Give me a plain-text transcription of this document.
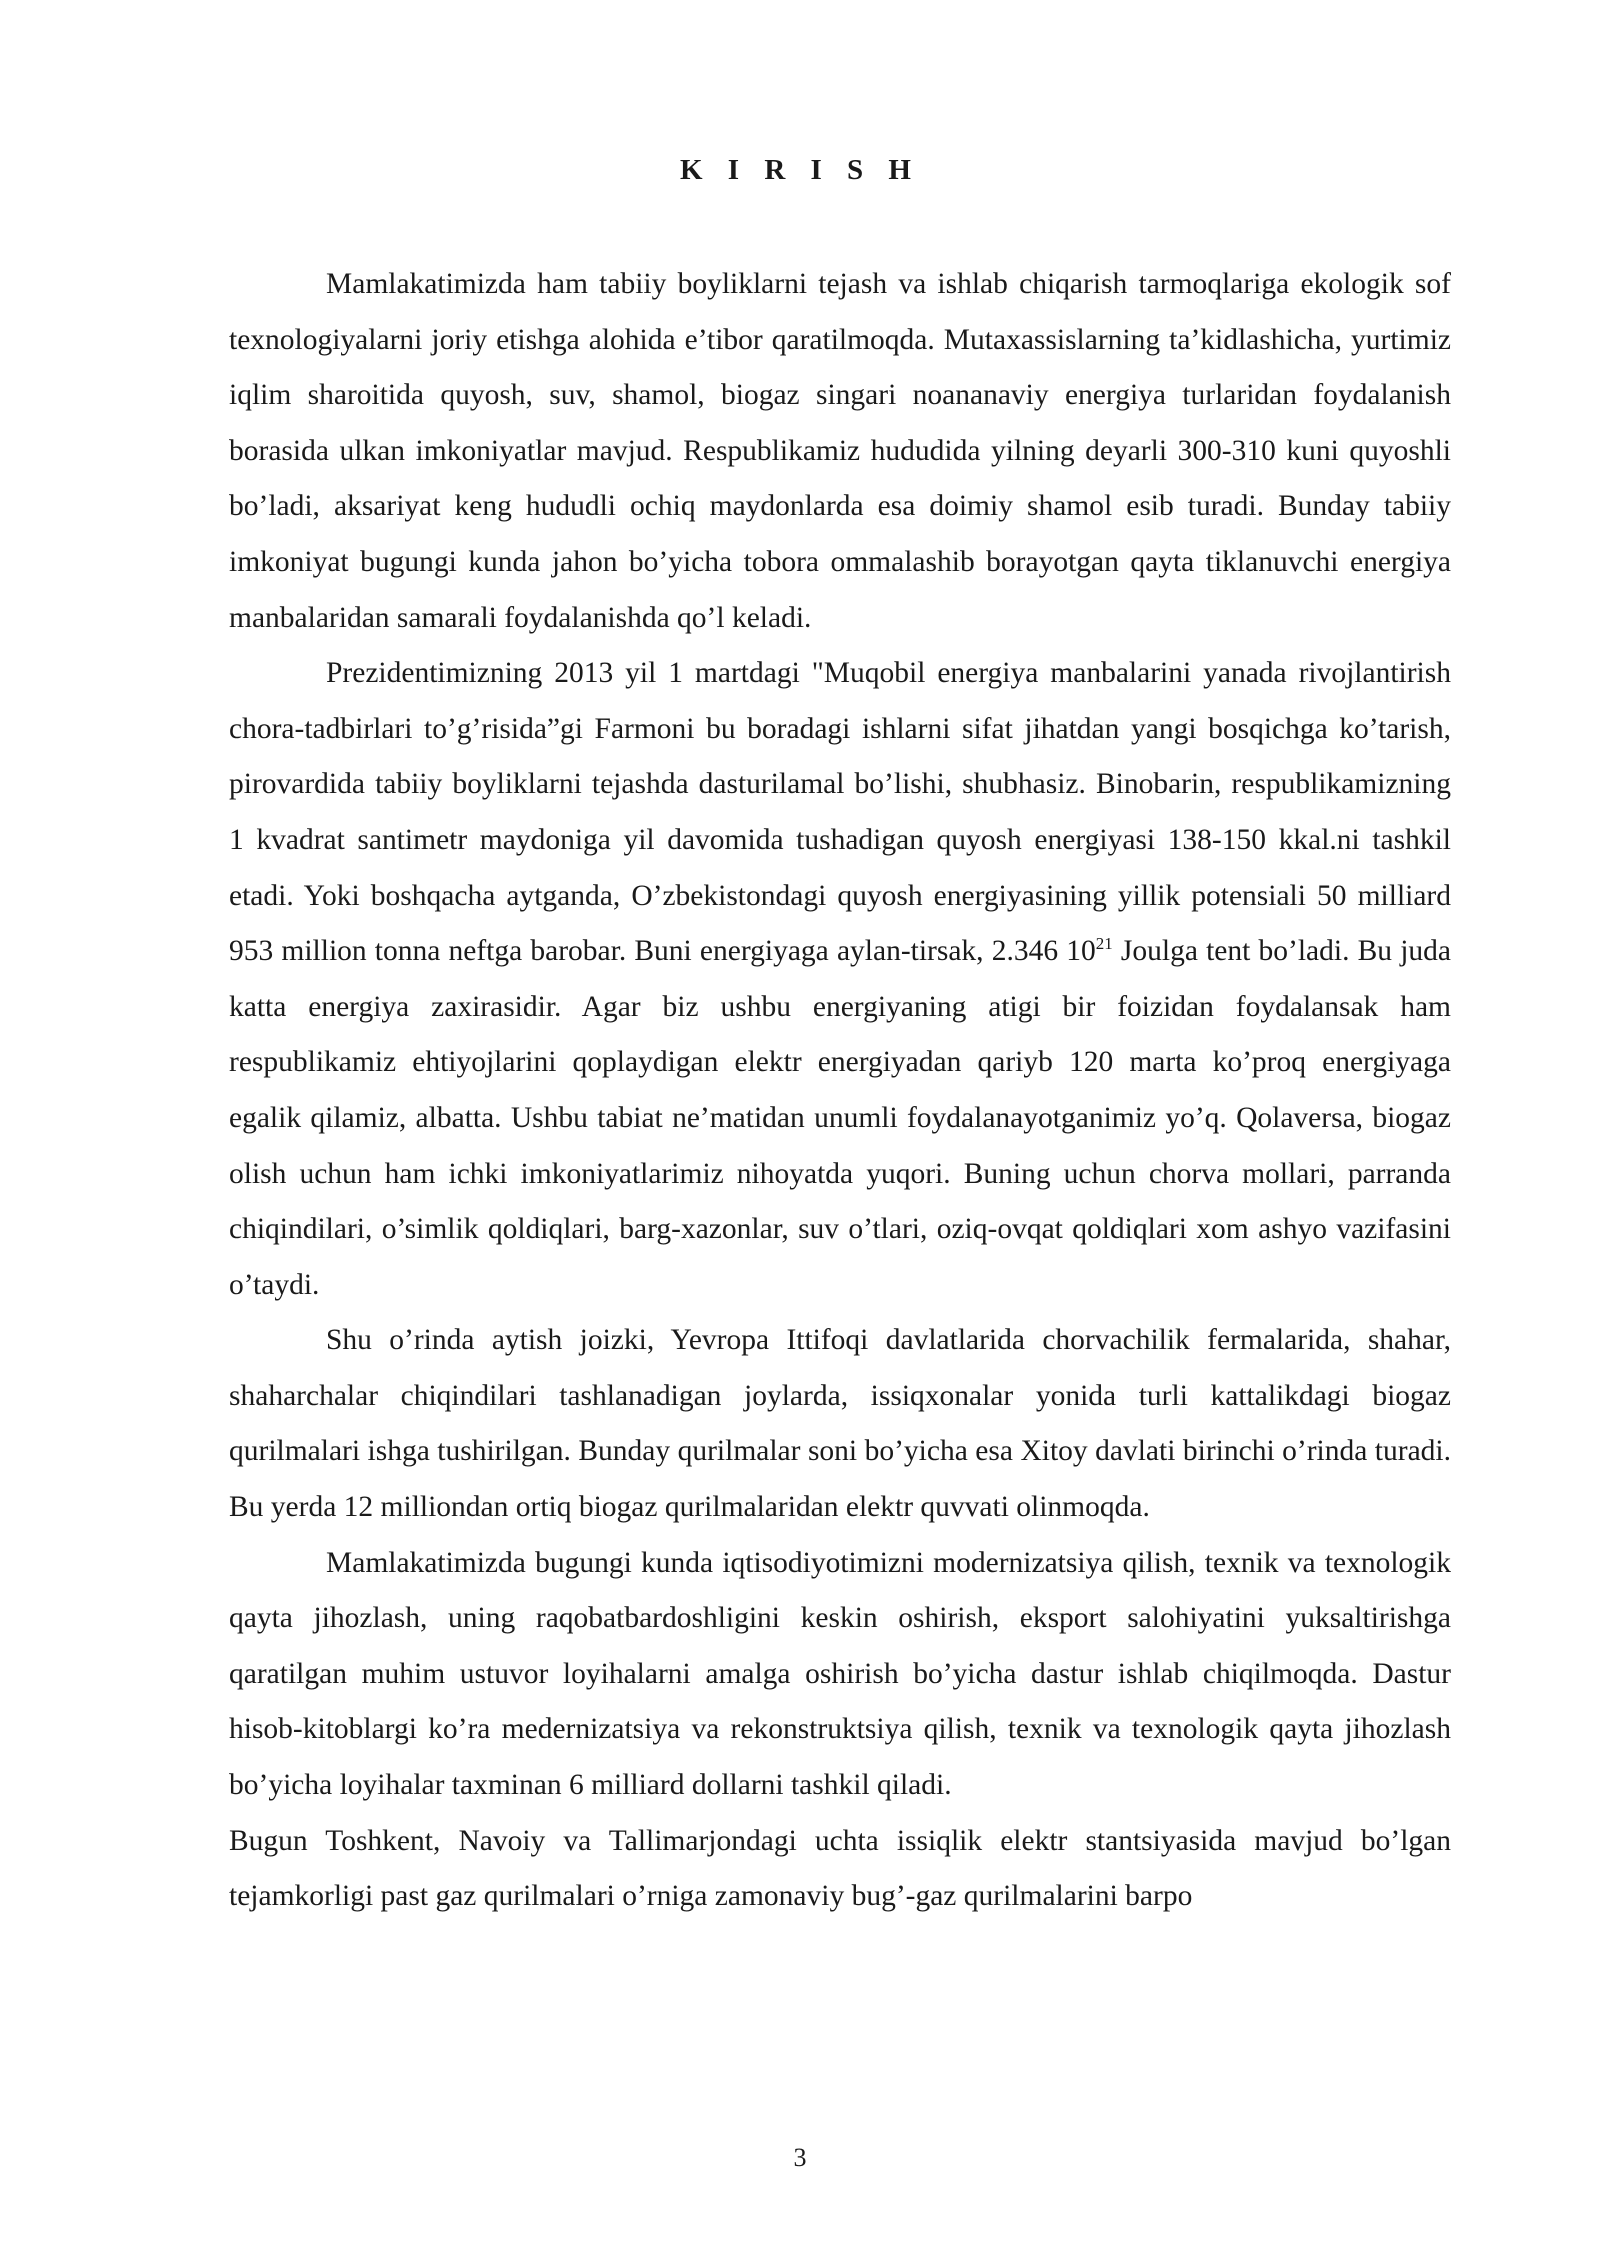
K I R I S H

Mamlakatimizda ham tabiiy boyliklarni tejash va ishlab chiqarish tarmoqlariga ekologik sof texnologiyalarni joriy etishga alohida e’tibor qaratilmoqda. Mutaxassislarning ta’kidlashicha, yurtimiz iqlim sharoitida quyosh, suv, shamol, biogaz singari noananaviy energiya turlaridan foydalanish borasida ulkan imkoniyatlar mavjud. Respublikamiz hududida yilning deyarli 300-310 kuni quyoshli bo’ladi, aksariyat keng hududli ochiq maydonlarda esa doimiy shamol esib turadi. Bunday tabiiy imkoniyat bugungi kunda jahon bo’yicha tobora ommalashib borayotgan qayta tiklanuvchi energiya manbalaridan samarali foydalanishda qo’l keladi.

Prezidentimizning 2013 yil 1 martdagi "Muqobil energiya manbalarini yanada rivojlantirish chora-tadbirlari to’g’risida”gi Farmoni bu boradagi ishlarni sifat jihatdan yangi bosqichga ko’tarish, pirovardida tabiiy boyliklarni tejashda dasturilamal bo’lishi, shubhasiz. Binobarin, respublikamizning 1 kvadrat santimetr maydoniga yil davomida tushadigan quyosh energiyasi 138-150 kkal.ni tashkil etadi. Yoki boshqacha aytganda, O’zbekistondagi quyosh energiyasining yillik potensiali 50 milliard 953 million tonna neftga barobar. Buni energiyaga aylan-tirsak, 2.346 $10^{21}$ Joulga tent bo’ladi. Bu juda katta energiya zaxirasidir. Agar biz ushbu energiyaning atigi bir foizidan foydalansak ham respublikamiz ehtiyojlarini qoplaydigan elektr energiyadan qariyb 120 marta ko’proq energiyaga egalik qilamiz, albatta. Ushbu tabiat ne’matidan unumli foydalanayotganimiz yo’q. Qolaversa, biogaz olish uchun ham ichki imkoniyatlarimiz nihoyatda yuqori. Buning uchun chorva mollari, parranda chiqindilari, o’simlik qoldiqlari, barg-xazonlar, suv o’tlari, oziq-ovqat qoldiqlari xom ashyo vazifasini o’taydi.

Shu o’rinda aytish joizki, Yevropa Ittifoqi davlatlarida chorvachilik fermalarida, shahar, shaharchalar chiqindilari tashlanadigan joylarda, issiqxonalar yonida turli kattalikdagi biogaz qurilmalari ishga tushirilgan. Bunday qurilmalar soni bo’yicha esa Xitoy davlati birinchi o’rinda turadi. Bu yerda 12 milliondan ortiq biogaz qurilmalaridan elektr quvvati olinmoqda.

Mamlakatimizda bugungi kunda iqtisodiyotimizni modernizatsiya qilish, texnik va texnologik qayta jihozlash, uning raqobatbardoshligini keskin oshirish, eksport salohiyatini yuksaltirishga qaratilgan muhim ustuvor loyihalarni amalga oshirish bo’yicha dastur ishlab chiqilmoqda. Dastur hisob-kitoblargi ko’ra medernizatsiya va rekonstruktsiya qilish, texnik va texnologik qayta jihozlash bo’yicha loyihalar taxminan 6 milliard dollarni tashkil qiladi.

Bugun Toshkent, Navoiy va Tallimarjondagi uchta issiqlik elektr stantsiyasida mavjud bo’lgan tejamkorligi past gaz qurilmalari o’rniga zamonaviy bug’-gaz qurilmalarini barpo

3
